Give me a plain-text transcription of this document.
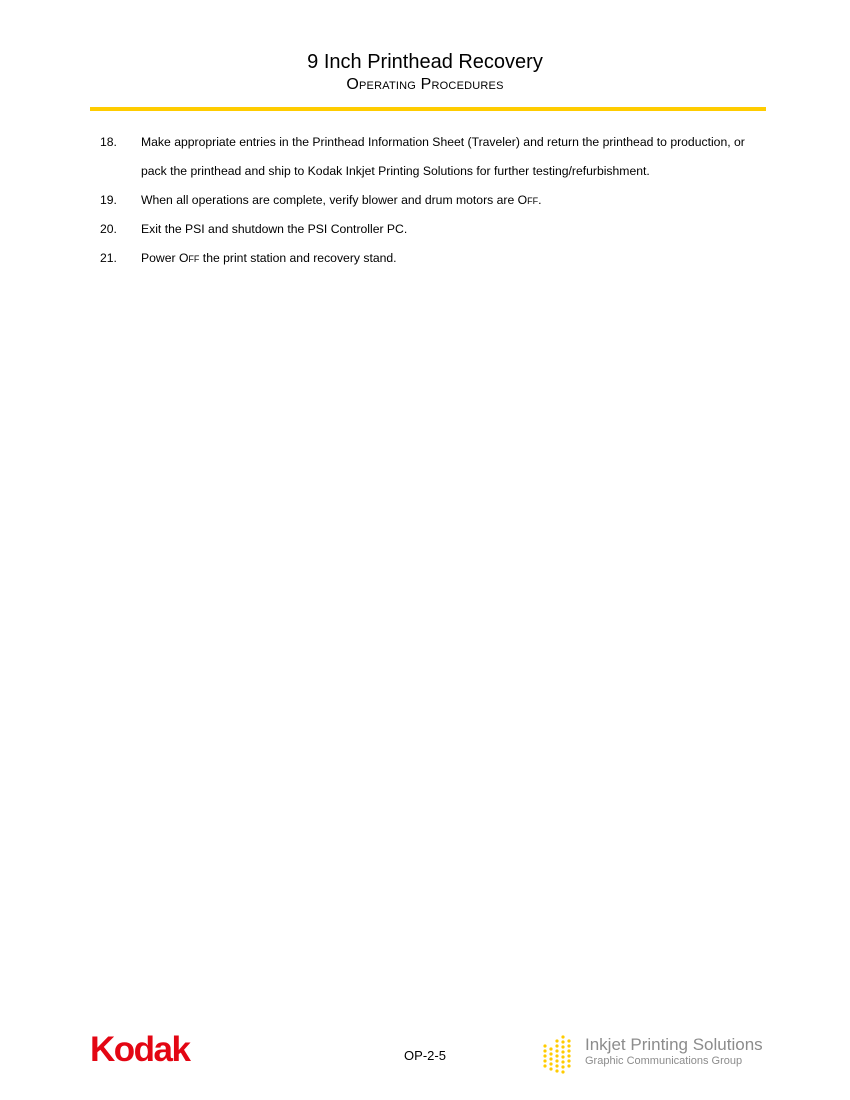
9 Inch Printhead Recovery
Operating Procedures
18. Make appropriate entries in the Printhead Information Sheet (Traveler) and return the printhead to production, or
pack the printhead and ship to Kodak Inkjet Printing Solutions for further testing/refurbishment.
19. When all operations are complete, verify blower and drum motors are Off.
20. Exit the PSI and shutdown the PSI Controller PC.
21. Power Off the print station and recovery stand.
Kodak	OP-2-5
Inkjet Printing Solutions
Graphic Communications Group
